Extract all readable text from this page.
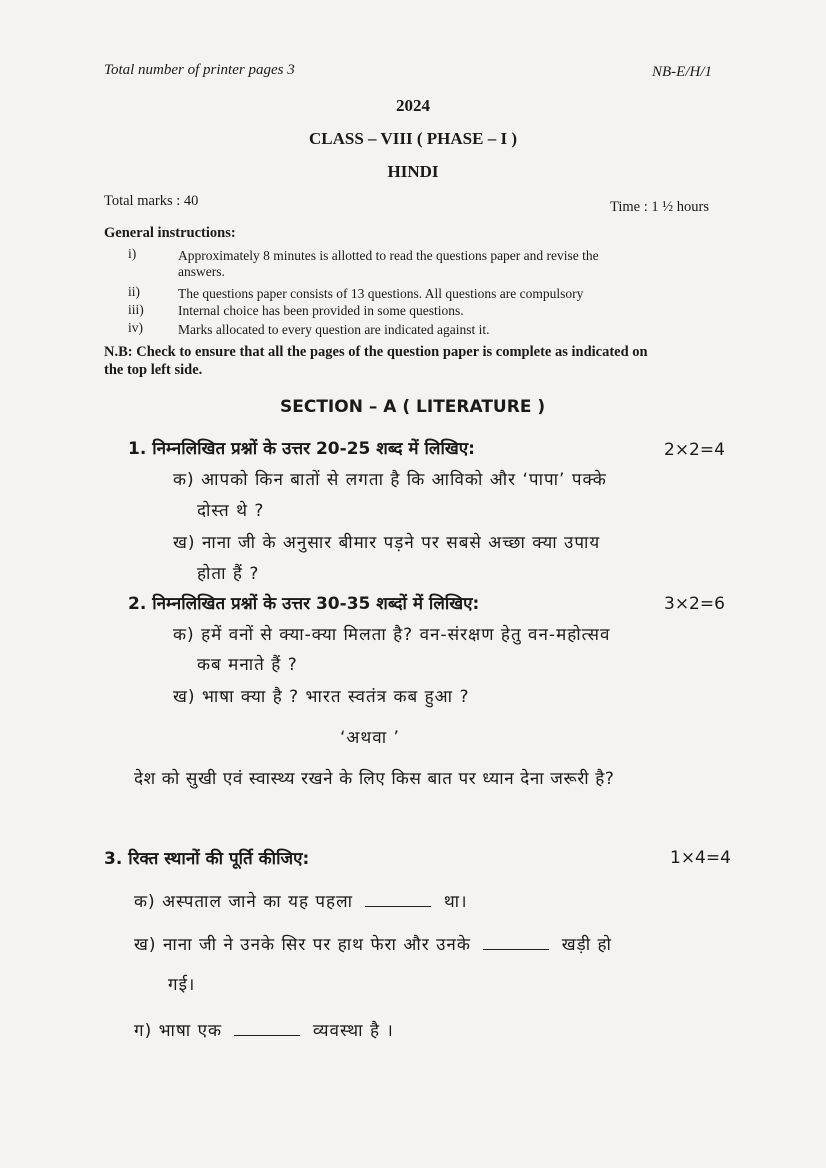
Total number of printer pages 3	NB-E/H/1
2024
CLASS – VIII ( PHASE – I )
HINDI
Total marks : 40	Time : 1 ½ hours
General instructions:
i)	Approximately 8 minutes is allotted to read the questions paper and revise the
answers.
ii)	The questions paper consists of 13 questions. All questions are compulsory
iii)	Internal choice has been provided in some questions.
iv)	Marks allocated to every question are indicated against it.
N.B: Check to ensure that all the pages of the question paper is complete as indicated on
the top left side.
SECTION – A ( LITERATURE )
1. निम्नलिखित प्रश्नों के उत्तर 20-25 शब्द में लिखिए:	2×2=4
क) आपको किन बातों से लगता है कि आविको और ‘पापा’ पक्के
दोस्त थे ?
ख) नाना जी के अनुसार बीमार पड़ने पर सबसे अच्छा क्या उपाय
होता हैं ?
2. निम्नलिखित प्रश्नों के उत्तर 30-35 शब्दों में लिखिए:	3×2=6
क) हमें वनों से क्या-क्या मिलता है? वन-संरक्षण हेतु वन-महोत्सव
कब मनाते हैं ?
ख) भाषा क्या है ? भारत स्वतंत्र कब हुआ ?
‘अथवा ’
देश को सुखी एवं स्वास्थ्य रखने के लिए किस बात पर ध्यान देना जरूरी है?
3. रिक्त स्थानों की पूर्ति कीजिए:	1×4=4
क) अस्पताल जाने का यह पहला	था।
ख) नाना जी ने उनके सिर पर हाथ फेरा और उनके	खड़ी हो
गई।
ग) भाषा एक	व्यवस्था है ।
